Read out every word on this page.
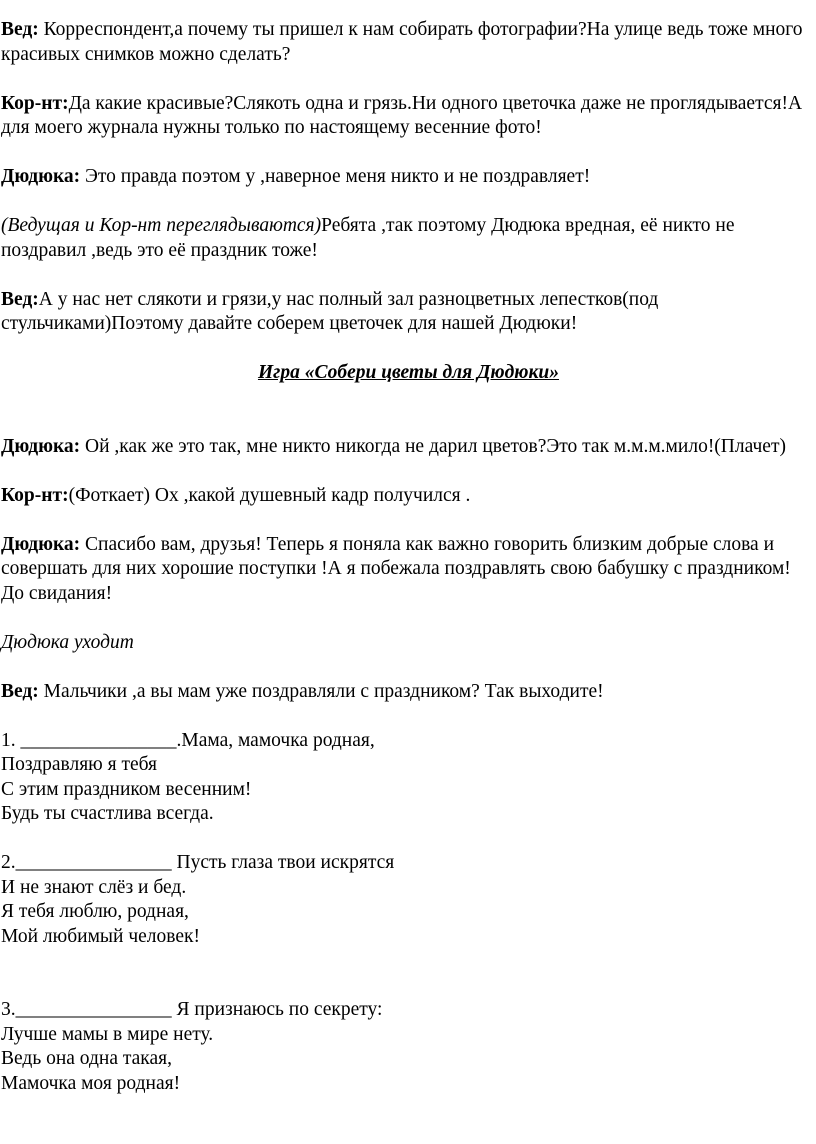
Вед: Корреспондент,а почему ты пришел к нам собирать фотографии?На улице ведь тоже много красивых снимков можно сделать?

Кор-нт:Да какие красивые?Слякоть одна и грязь.Ни одного цветочка даже не проглядывается!А для моего журнала нужны только по настоящему весенние фото!

Дюдюка: Это правда поэтом у ,наверное меня никто и не поздравляет!

(Ведущая и Кор-нт переглядываются)Ребята ,так поэтому Дюдюка вредная, её никто не поздравил ,ведь это её праздник тоже!

Вед:А у нас нет слякоти и грязи,у нас полный зал разноцветных лепестков(под стульчиками)Поэтому давайте соберем цветочек для нашей Дюдюки!

Игра «Собери цветы для Дюдюки»

Дюдюка: Ой ,как же это так, мне никто никогда не дарил цветов?Это так м.м.м.мило!(Плачет)

Кор-нт:(Фоткает) Ох ,какой душевный кадр получился .

Дюдюка: Спасибо вам, друзья! Теперь я поняла как важно говорить близким добрые слова и совершать для них хорошие поступки !А я побежала поздравлять свою бабушку с праздником! До свидания!

Дюдюка уходит

Вед: Мальчики ,а вы мам уже поздравляли с праздником? Так выходите!

1. ________________.Мама, мамочка родная,

Поздравляю я тебя

С этим праздником весенним!

Будь ты счастлива всегда.

2.________________ Пусть глаза твои искрятся

И не знают слёз и бед.

Я тебя люблю, родная,

Мой любимый человек!

3.________________ Я признаюсь по секрету:

Лучше мамы в мире нету.

Ведь она одна такая,

Мамочка моя родная!
